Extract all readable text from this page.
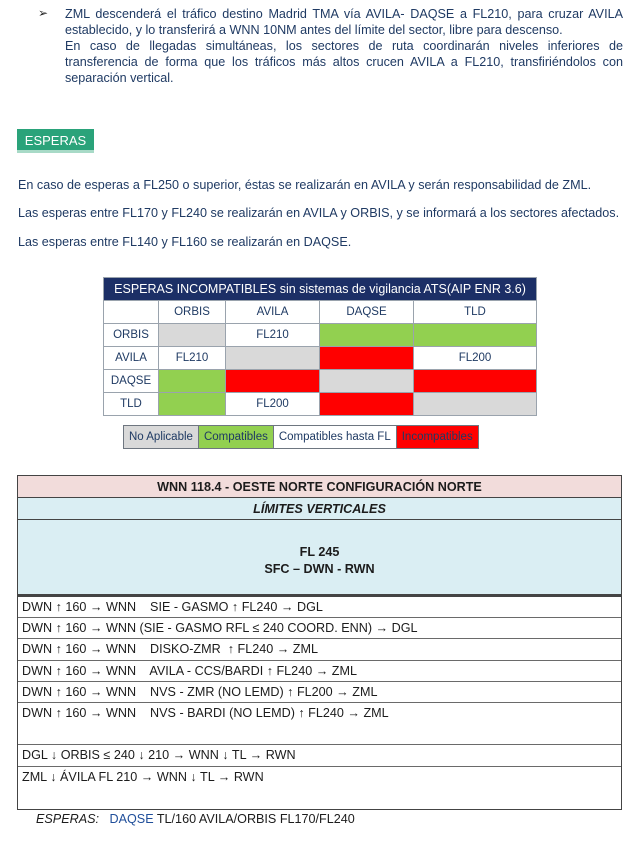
➢	ZML descenderá el tráfico destino Madrid TMA vía AVILA- DAQSE a FL210, para cruzar AVILA establecido, y lo transferirá a WNN 10NM antes del límite del sector, libre para descenso.

En caso de llegadas simultáneas, los sectores de ruta coordinarán niveles inferiores de transferencia de forma que los tráficos más altos crucen AVILA a FL210, transfiriéndolos con separación vertical.

ESPERAS
En caso de esperas a FL250 o superior, éstas se realizarán en AVILA y serán responsabilidad de ZML.
Las esperas entre FL170 y FL240 se realizarán en AVILA y ORBIS, y se informará a los sectores afectados.
Las esperas entre FL140 y FL160 se realizarán en DAQSE.
ESPERAS INCOMPATIBLES sin sistemas de vigilancia ATS(AIP ENR 3.6)				
	ORBIS	AVILA	DAQSE	TLD
ORBIS		FL210		
AVILA	FL210			FL200
DAQSE				
TLD		FL200		
No Aplicable Compatibles Compatibles hasta FL Incompatibles
WNN 118.4 - OESTE NORTE CONFIGURACIÓN NORTE
LÍMITES VERTICALES
FL 245
SFC – DWN - RWN
DWN ↑ 160 → WNN    SIE - GASMO ↑ FL240 → DGL
DWN ↑ 160 → WNN (SIE - GASMO RFL ≤ 240 COORD. ENN) → DGL
DWN ↑ 160 → WNN    DISKO-ZMR  ↑ FL240 → ZML
DWN ↑ 160 → WNN    AVILA - CCS/BARDI ↑ FL240 → ZML
DWN ↑ 160 → WNN    NVS - ZMR (NO LEMD) ↑ FL200 → ZML
DWN ↑ 160 → WNN    NVS - BARDI (NO LEMD) ↑ FL240 → ZML
DGL ↓ ORBIS ≤ 240 ↓ 210 → WNN ↓ TL → RWN
ZML ↓ ÁVILA FL 210 → WNN ↓ TL → RWN

ESPERAS: DAQSE TL/160 AVILA/ORBIS FL170/FL240
